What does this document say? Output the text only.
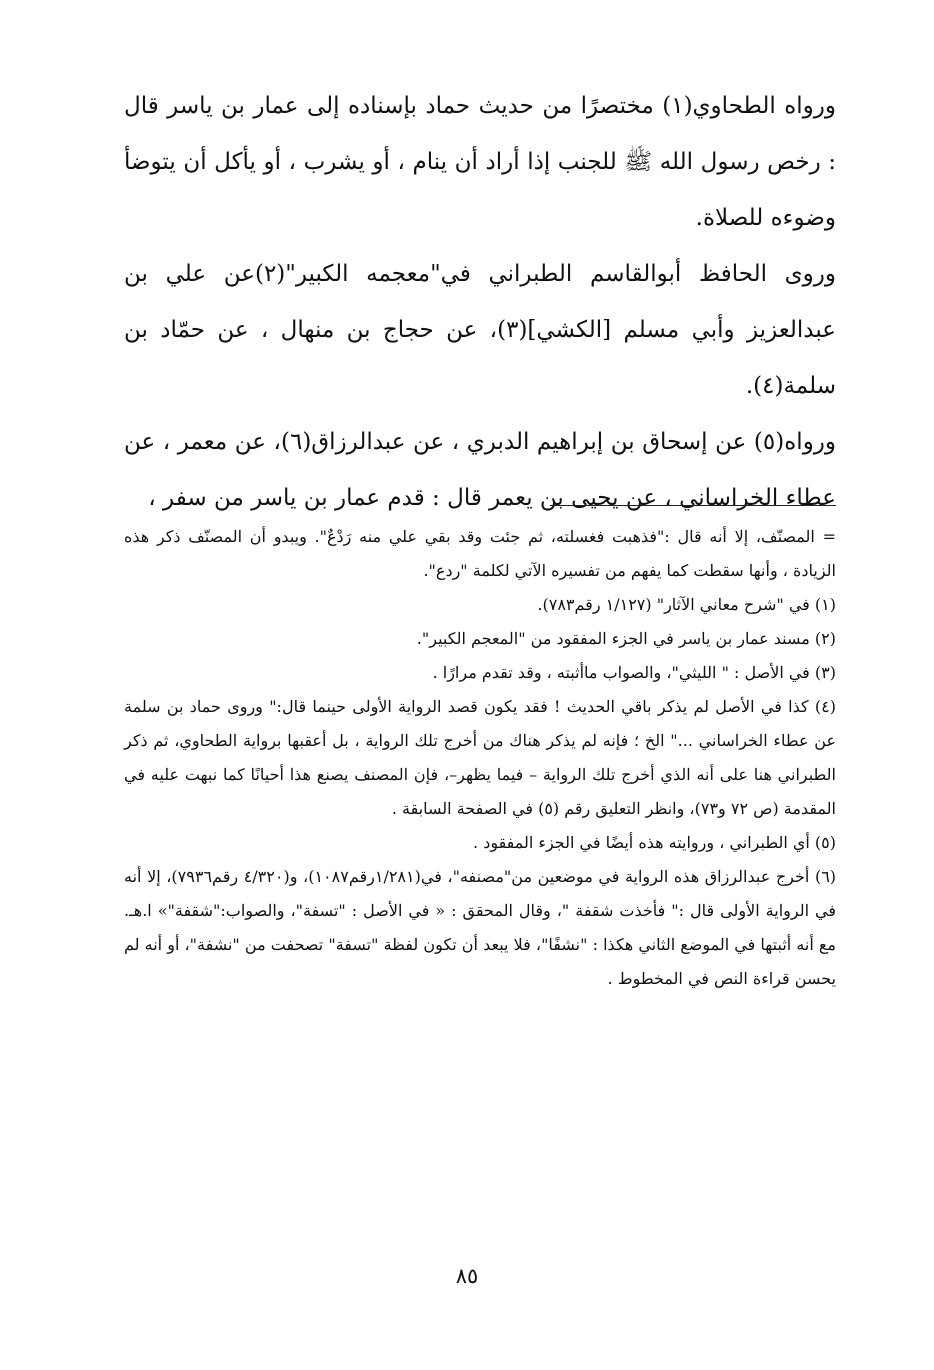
ورواه الطحاوي(١) مختصرًا من حديث حماد بإسناده إلى عمار بن ياسر قال : رخص رسول الله ﷺ للجنب إذا أراد أن ينام ، أو يشرب ، أو يأكل أن يتوضأ وضوءه للصلاة.

وروى الحافظ أبوالقاسم الطبراني في"معجمه الكبير"(٢)عن علي بن عبدالعزيز وأبي مسلم [الكشي](٣)، عن حجاج بن منهال ، عن حمّاد بن سلمة(٤).

ورواه(٥) عن إسحاق بن إبراهيم الدبري ، عن عبدالرزاق(٦)، عن معمر ، عن عطاء الخراساني ، عن يحيى بن يعمر قال : قدم عمار بن ياسر من سفر ،

= المصنّف، إلا أنه قال :"فذهبت فغسلته، ثم جئت وقد بقي علي منه رَدْعٌ". ويبدو أن المصنّف ذكر هذه الزيادة ، وأنها سقطت كما يفهم من تفسيره الآتي لكلمة "ردع".

(١) في "شرح معاني الآثار" (١/١٢٧ رقم٧٨٣).

(٢) مسند عمار بن ياسر في الجزء المفقود من "المعجم الكبير".

(٣) في الأصل : " الليثي"، والصواب ماأثبته ، وقد تقدم مرارًا .

(٤) كذا في الأصل لم يذكر باقي الحديث ! فقد يكون قصد الرواية الأولى حينما قال:" وروى حماد بن سلمة عن عطاء الخراساني ..." الخ ؛ فإنه لم يذكر هناك من أخرج تلك الرواية ، بل أعقبها برواية الطحاوي، ثم ذكر الطبراني هنا على أنه الذي أخرج تلك الرواية – فيما يظهر–، فإن المصنف يصنع هذا أحيانًا كما نبهت عليه في المقدمة (ص ٧٢ و٧٣)، وانظر التعليق رقم (٥) في الصفحة السابقة .

(٥) أي الطبراني ، وروايته هذه أيضًا في الجزء المفقود .

(٦) أخرج عبدالرزاق هذه الرواية في موضعين من"مصنفه"، في(١/٢٨١رقم١٠٨٧)، و(٤/٣٢٠ رقم٧٩٣٦)، إلا أنه في الرواية الأولى قال :" فأخذت شقفة "، وقال المحقق : « في الأصل : "تسفة"، والصواب:"شقفة"» ا.هـ. مع أنه أثبتها في الموضع الثاني هكذا : "نشفًا"، فلا يبعد أن تكون لفظة "تسفة" تصحفت من "نشفة"، أو أنه لم يحسن قراءة النص في المخطوط .

٨٥
